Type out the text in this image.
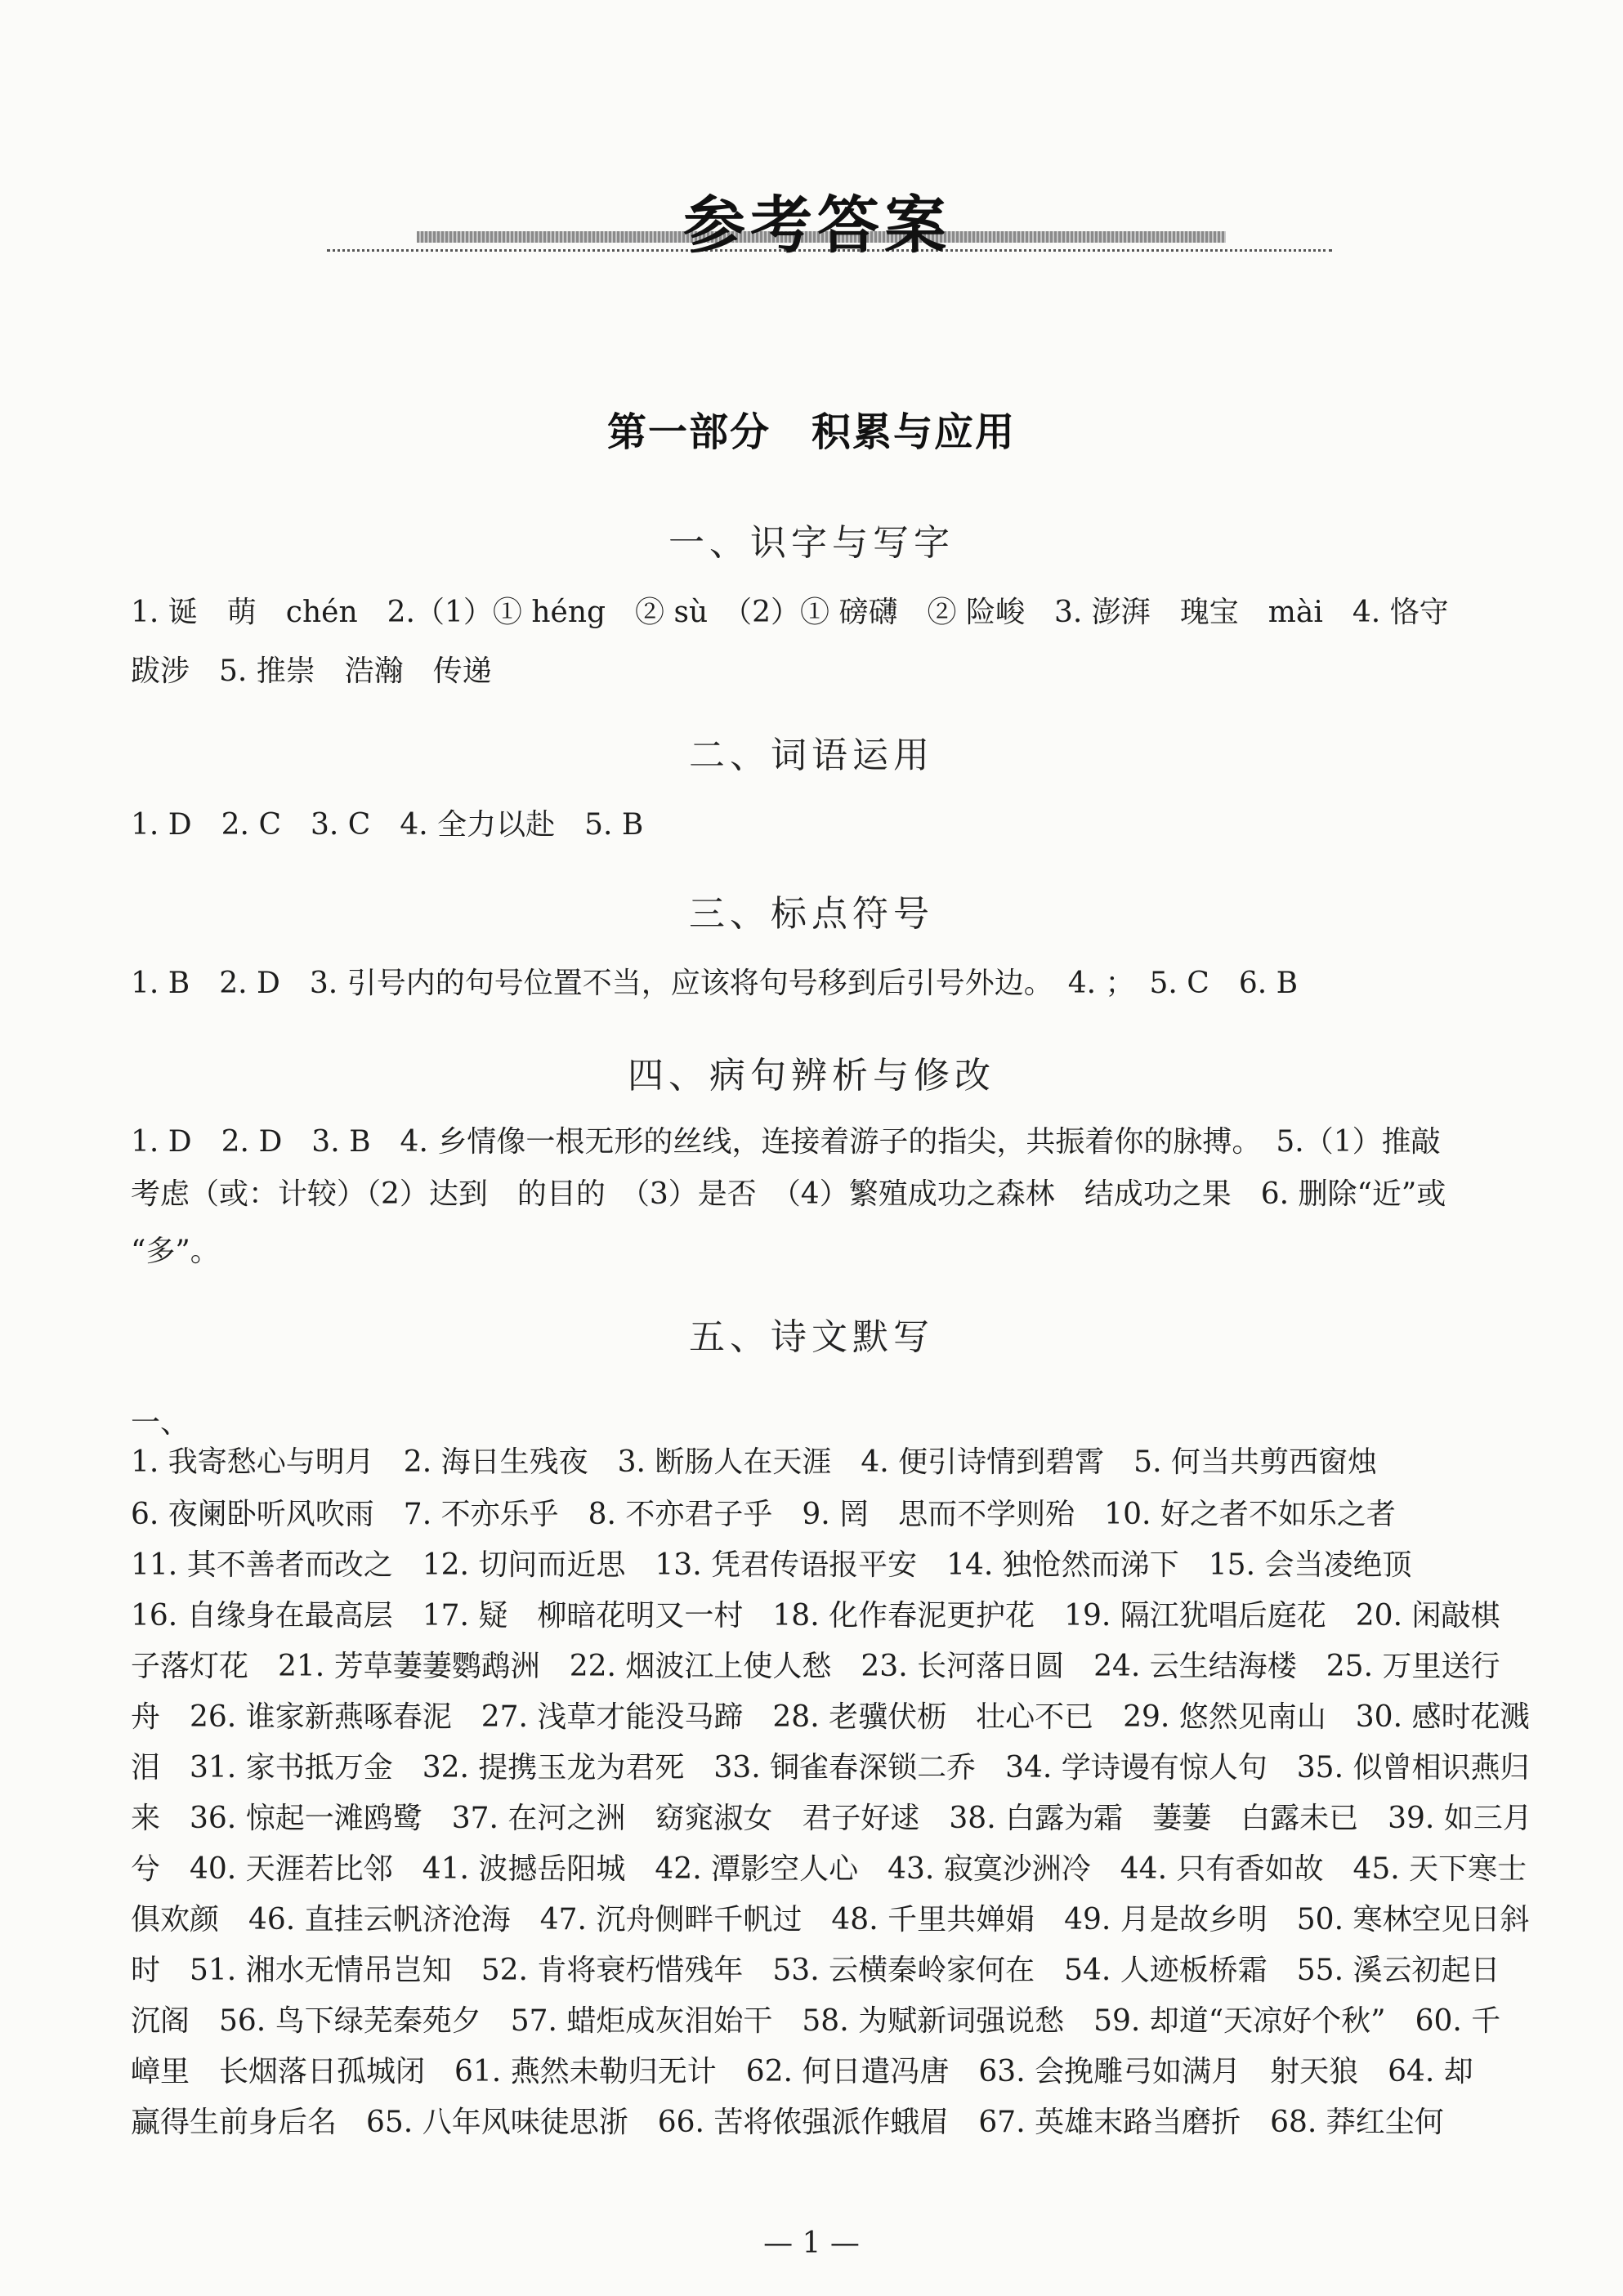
参考答案
第一部分　积累与应用
一、识字与写字
1. 诞　萌　chén　2.（1）① héng　② sù　（2）① 磅礴　② 险峻　3. 澎湃　瑰宝　mài　4. 恪守
跋涉　5. 推崇　浩瀚　传递
二、词语运用
1. D　2. C　3. C　4. 全力以赴　5. B
三、标点符号
1. B　2. D　3. 引号内的句号位置不当，应该将句号移到后引号外边。　4. ；　5. C　6. B
四、病句辨析与修改
1. D　2. D　3. B　4. 乡情像一根无形的丝线，连接着游子的指尖，共振着你的脉搏。　5.（1）推敲
考虑（或：计较）（2）达到　的目的　（3）是否　（4）繁殖成功之森林　结成功之果　6. 删除“近”或
“多”。
五、诗文默写
一、
1. 我寄愁心与明月　2. 海日生残夜　3. 断肠人在天涯　4. 便引诗情到碧霄　5. 何当共剪西窗烛
6. 夜阑卧听风吹雨　7. 不亦乐乎　8. 不亦君子乎　9. 罔　思而不学则殆　10. 好之者不如乐之者
11. 其不善者而改之　12. 切问而近思　13. 凭君传语报平安　14. 独怆然而涕下　15. 会当凌绝顶
16. 自缘身在最高层　17. 疑　柳暗花明又一村　18. 化作春泥更护花　19. 隔江犹唱后庭花　20. 闲敲棋
子落灯花　21. 芳草萋萋鹦鹉洲　22. 烟波江上使人愁　23. 长河落日圆　24. 云生结海楼　25. 万里送行
舟　26. 谁家新燕啄春泥　27. 浅草才能没马蹄　28. 老骥伏枥　壮心不已　29. 悠然见南山　30. 感时花溅
泪　31. 家书抵万金　32. 提携玉龙为君死　33. 铜雀春深锁二乔　34. 学诗谩有惊人句　35. 似曾相识燕归
来　36. 惊起一滩鸥鹭　37. 在河之洲　窈窕淑女　君子好逑　38. 白露为霜　萋萋　白露未已　39. 如三月
兮　40. 天涯若比邻　41. 波撼岳阳城　42. 潭影空人心　43. 寂寞沙洲冷　44. 只有香如故　45. 天下寒士
俱欢颜　46. 直挂云帆济沧海　47. 沉舟侧畔千帆过　48. 千里共婵娟　49. 月是故乡明　50. 寒林空见日斜
时　51. 湘水无情吊岂知　52. 肯将衰朽惜残年　53. 云横秦岭家何在　54. 人迹板桥霜　55. 溪云初起日
沉阁　56. 鸟下绿芜秦苑夕　57. 蜡炬成灰泪始干　58. 为赋新词强说愁　59. 却道“天凉好个秋”　60. 千
嶂里　长烟落日孤城闭　61. 燕然未勒归无计　62. 何日遣冯唐　63. 会挽雕弓如满月　射天狼　64. 却
赢得生前身后名　65. 八年风味徒思浙　66. 苦将侬强派作蛾眉　67. 英雄末路当磨折　68. 莽红尘何
— 1 —
